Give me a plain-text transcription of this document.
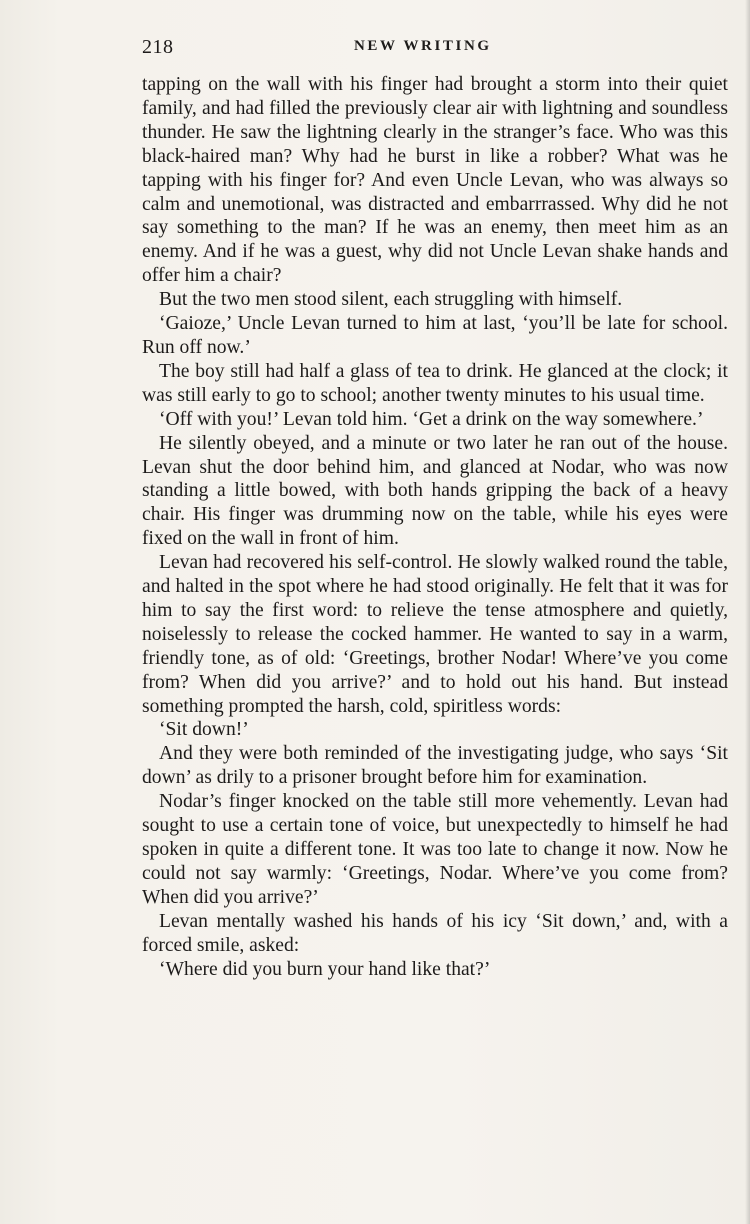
218	NEW WRITING

tapping on the wall with his finger had brought a storm into their quiet family, and had filled the previously clear air with lightning and soundless thunder. He saw the lightning clearly in the stranger’s face. Who was this black-haired man? Why had he burst in like a robber? What was he tapping with his finger for? And even Uncle Levan, who was always so calm and unemotional, was distracted and embarrrassed. Why did he not say something to the man? If he was an enemy, then meet him as an enemy. And if he was a guest, why did not Uncle Levan shake hands and offer him a chair?

But the two men stood silent, each struggling with himself.

‘Gaioze,’ Uncle Levan turned to him at last, ‘you’ll be late for school. Run off now.’

The boy still had half a glass of tea to drink. He glanced at the clock; it was still early to go to school; another twenty minutes to his usual time.

‘Off with you!’ Levan told him. ‘Get a drink on the way somewhere.’

He silently obeyed, and a minute or two later he ran out of the house. Levan shut the door behind him, and glanced at Nodar, who was now standing a little bowed, with both hands gripping the back of a heavy chair. His finger was drumming now on the table, while his eyes were fixed on the wall in front of him.

Levan had recovered his self-control. He slowly walked round the table, and halted in the spot where he had stood originally. He felt that it was for him to say the first word: to relieve the tense atmosphere and quietly, noiselessly to release the cocked hammer. He wanted to say in a warm, friendly tone, as of old: ‘Greetings, brother Nodar! Where’ve you come from? When did you arrive?’ and to hold out his hand. But instead something prompted the harsh, cold, spiritless words:

‘Sit down!’

And they were both reminded of the investigating judge, who says ‘Sit down’ as drily to a prisoner brought before him for examination.

Nodar’s finger knocked on the table still more vehemently. Levan had sought to use a certain tone of voice, but unexpectedly to himself he had spoken in quite a different tone. It was too late to change it now. Now he could not say warmly: ‘Greetings, Nodar. Where’ve you come from? When did you arrive?’

Levan mentally washed his hands of his icy ‘Sit down,’ and, with a forced smile, asked:

‘Where did you burn your hand like that?’
